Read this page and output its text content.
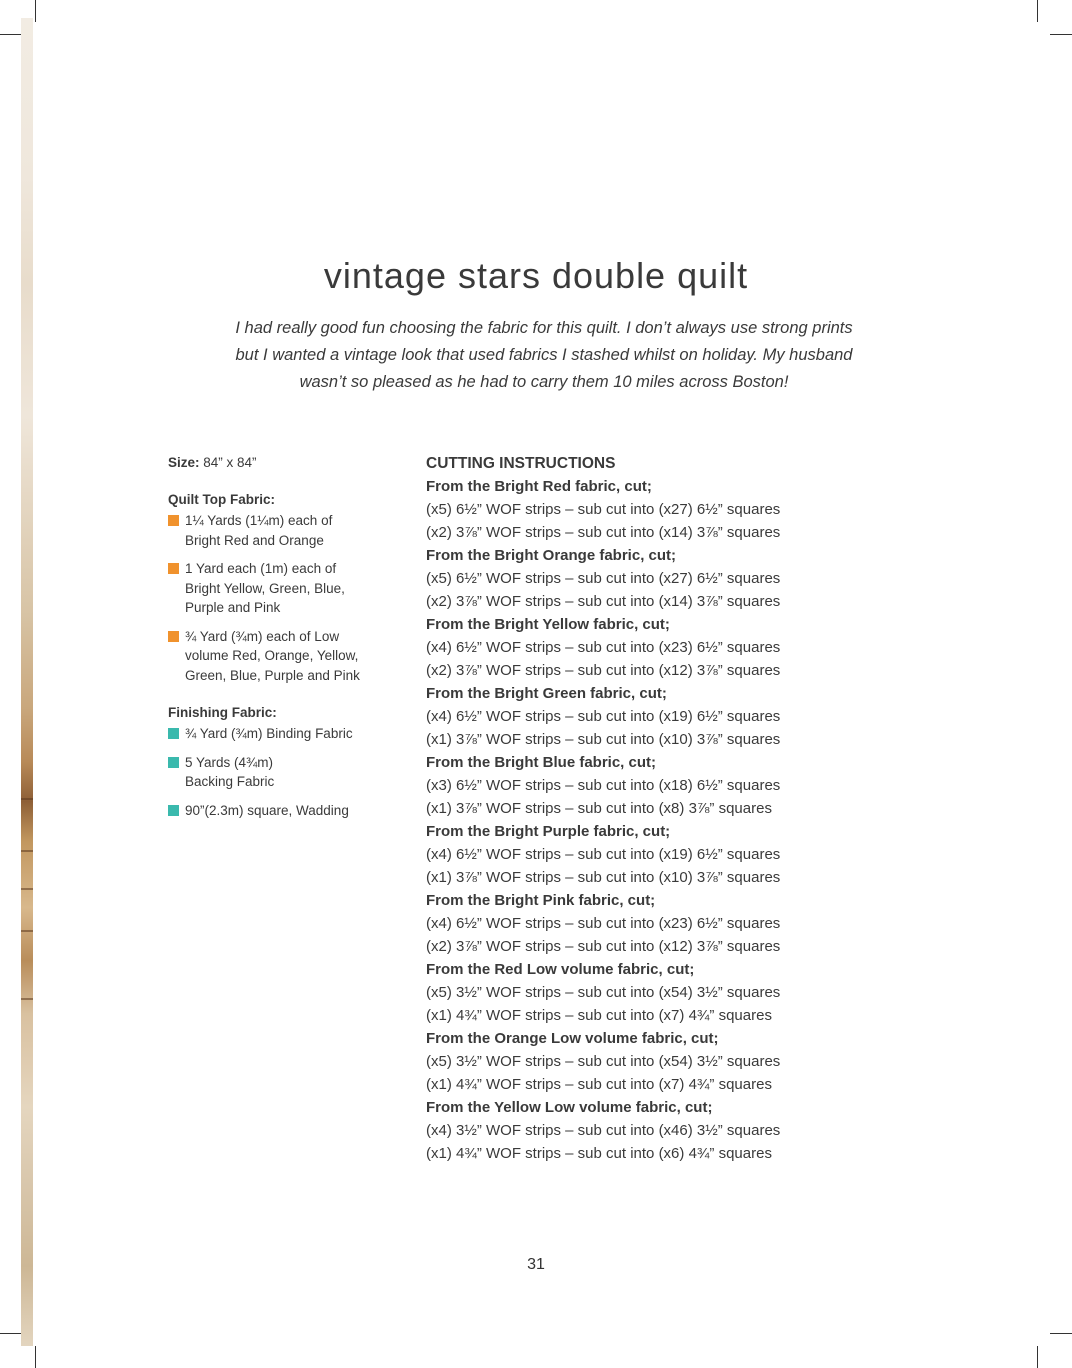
vintage stars double quilt

I had really good fun choosing the fabric for this quilt. I don’t always use strong prints but I wanted a vintage look that used fabrics I stashed whilst on holiday. My husband wasn’t so pleased as he had to carry them 10 miles across Boston!

Size: 84” x 84”

Quilt Top Fabric:

1¼ Yards (1¼m) each of Bright Red and Orange
1 Yard each (1m) each of Bright Yellow, Green, Blue, Purple and Pink
¾ Yard (¾m) each of Low volume Red, Orange, Yellow, Green, Blue, Purple and Pink

Finishing Fabric:

¾ Yard (¾m) Binding Fabric
5 Yards (4¾m) Backing Fabric
90”(2.3m) square, Wadding

CUTTING INSTRUCTIONS

From the Bright Red fabric, cut;

(x5) 6½” WOF strips – sub cut into (x27) 6½” squares

(x2) 3⅞” WOF strips – sub cut into (x14) 3⅞” squares

From the Bright Orange fabric, cut;

(x5) 6½” WOF strips – sub cut into (x27) 6½” squares

(x2) 3⅞” WOF strips – sub cut into (x14) 3⅞” squares

From the Bright Yellow fabric, cut;

(x4) 6½” WOF strips – sub cut into (x23) 6½” squares

(x2) 3⅞” WOF strips – sub cut into (x12) 3⅞” squares

From the Bright Green fabric, cut;

(x4) 6½” WOF strips – sub cut into (x19) 6½” squares

(x1) 3⅞” WOF strips – sub cut into (x10) 3⅞” squares

From the Bright Blue fabric, cut;

(x3) 6½” WOF strips – sub cut into (x18) 6½” squares

(x1) 3⅞” WOF strips – sub cut into (x8) 3⅞” squares

From the Bright Purple fabric, cut;

(x4) 6½” WOF strips – sub cut into (x19) 6½” squares

(x1) 3⅞” WOF strips – sub cut into (x10) 3⅞” squares

From the Bright Pink fabric, cut;

(x4) 6½” WOF strips – sub cut into (x23) 6½” squares

(x2) 3⅞” WOF strips – sub cut into (x12) 3⅞” squares

From the Red Low volume fabric, cut;

(x5) 3½” WOF strips – sub cut into (x54) 3½” squares

(x1) 4¾” WOF strips – sub cut into (x7) 4¾” squares

From the Orange Low volume fabric, cut;

(x5) 3½” WOF strips – sub cut into (x54) 3½” squares

(x1) 4¾” WOF strips – sub cut into (x7) 4¾” squares

From the Yellow Low volume fabric, cut;

(x4) 3½” WOF strips – sub cut into (x46) 3½” squares

(x1) 4¾” WOF strips – sub cut into (x6) 4¾” squares

31
